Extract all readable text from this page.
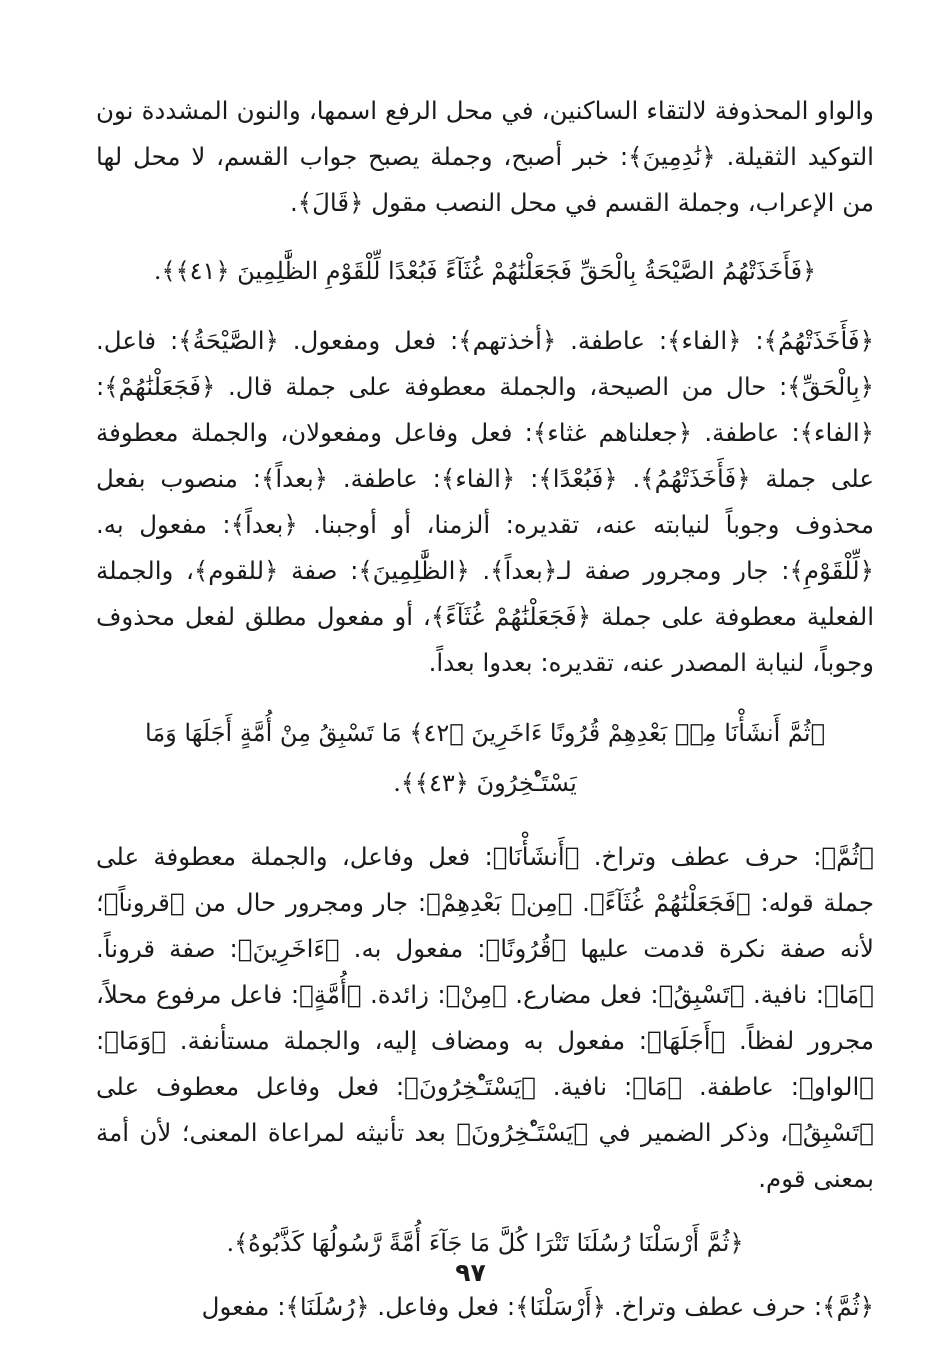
والواو المحذوفة لالتقاء الساكنين، في محل الرفع اسمها، والنون المشددة نون التوكيد الثقيلة. ﴿نَٰدِمِينَ﴾: خبر أصبح، وجملة يصبح جواب القسم، لا محل لها من الإعراب، وجملة القسم في محل النصب مقول ﴿قَالَ﴾.

﴿فَأَخَذَتْهُمُ الصَّيْحَةُ بِالْحَقِّ فَجَعَلْنَٰهُمْ غُثَآءً فَبُعْدًا لِّلْقَوْمِ الظَّٰلِمِينَ ﴿٤١﴾﴾.

﴿فَأَخَذَتْهُمُ﴾: ﴿الفاء﴾: عاطفة. ﴿أخذتهم﴾: فعل ومفعول. ﴿الصَّيْحَةُ﴾: فاعل. ﴿بِالْحَقِّ﴾: حال من الصيحة، والجملة معطوفة على جملة قال. ﴿فَجَعَلْنَٰهُمْ﴾: ﴿الفاء﴾: عاطفة. ﴿جعلناهم غثاء﴾: فعل وفاعل ومفعولان، والجملة معطوفة على جملة ﴿فَأَخَذَتْهُمُ﴾. ﴿فَبُعْدًا﴾: ﴿الفاء﴾: عاطفة. ﴿بعداً﴾: منصوب بفعل محذوف وجوباً لنيابته عنه، تقديره: ألزمنا، أو أوجبنا. ﴿بعداً﴾: مفعول به. ﴿لِّلْقَوْمِ﴾: جار ومجرور صفة لـ﴿بعداً﴾. ﴿الظَّٰلِمِينَ﴾: صفة ﴿للقوم﴾، والجملة الفعلية معطوفة على جملة ﴿فَجَعَلْنَٰهُمْ غُثَآءً﴾، أو مفعول مطلق لفعل محذوف وجوباً، لنيابة المصدر عنه، تقديره: بعدوا بعداً.

﴿ثُمَّ أَنشَأْنَا مِنۢ بَعْدِهِمْ قُرُونًا ءَاخَرِينَ ﴿٤٢﴾ مَا تَسْبِقُ مِنْ أُمَّةٍ أَجَلَهَا وَمَا يَسْتَـْٔخِرُونَ ﴿٤٣﴾﴾.

﴿ثُمَّ﴾: حرف عطف وتراخ. ﴿أَنشَأْنَا﴾: فعل وفاعل، والجملة معطوفة على جملة قوله: ﴿فَجَعَلْنَٰهُمْ غُثَآءً﴾. ﴿مِنۢ بَعْدِهِمْ﴾: جار ومجرور حال من ﴿قروناً﴾؛ لأنه صفة نكرة قدمت عليها ﴿قُرُونًا﴾: مفعول به. ﴿ءَاخَرِينَ﴾: صفة قروناً. ﴿مَا﴾: نافية. ﴿تَسْبِقُ﴾: فعل مضارع. ﴿مِنْ﴾: زائدة. ﴿أُمَّةٍ﴾: فاعل مرفوع محلاً، مجرور لفظاً. ﴿أَجَلَهَا﴾: مفعول به ومضاف إليه، والجملة مستأنفة. ﴿وَمَا﴾: ﴿الواو﴾: عاطفة. ﴿مَا﴾: نافية. ﴿يَسْتَـْٔخِرُونَ﴾: فعل وفاعل معطوف على ﴿تَسْبِقُ﴾، وذكر الضمير في ﴿يَسْتَـْٔخِرُونَ﴾ بعد تأنيثه لمراعاة المعنى؛ لأن أمة بمعنى قوم.

﴿ثُمَّ أَرْسَلْنَا رُسُلَنَا تَتْرَا كُلَّ مَا جَآءَ أُمَّةً رَّسُولُهَا كَذَّبُوهُ﴾.

﴿ثُمَّ﴾: حرف عطف وتراخ. ﴿أَرْسَلْنَا﴾: فعل وفاعل. ﴿رُسُلَنَا﴾: مفعول

٩٧
